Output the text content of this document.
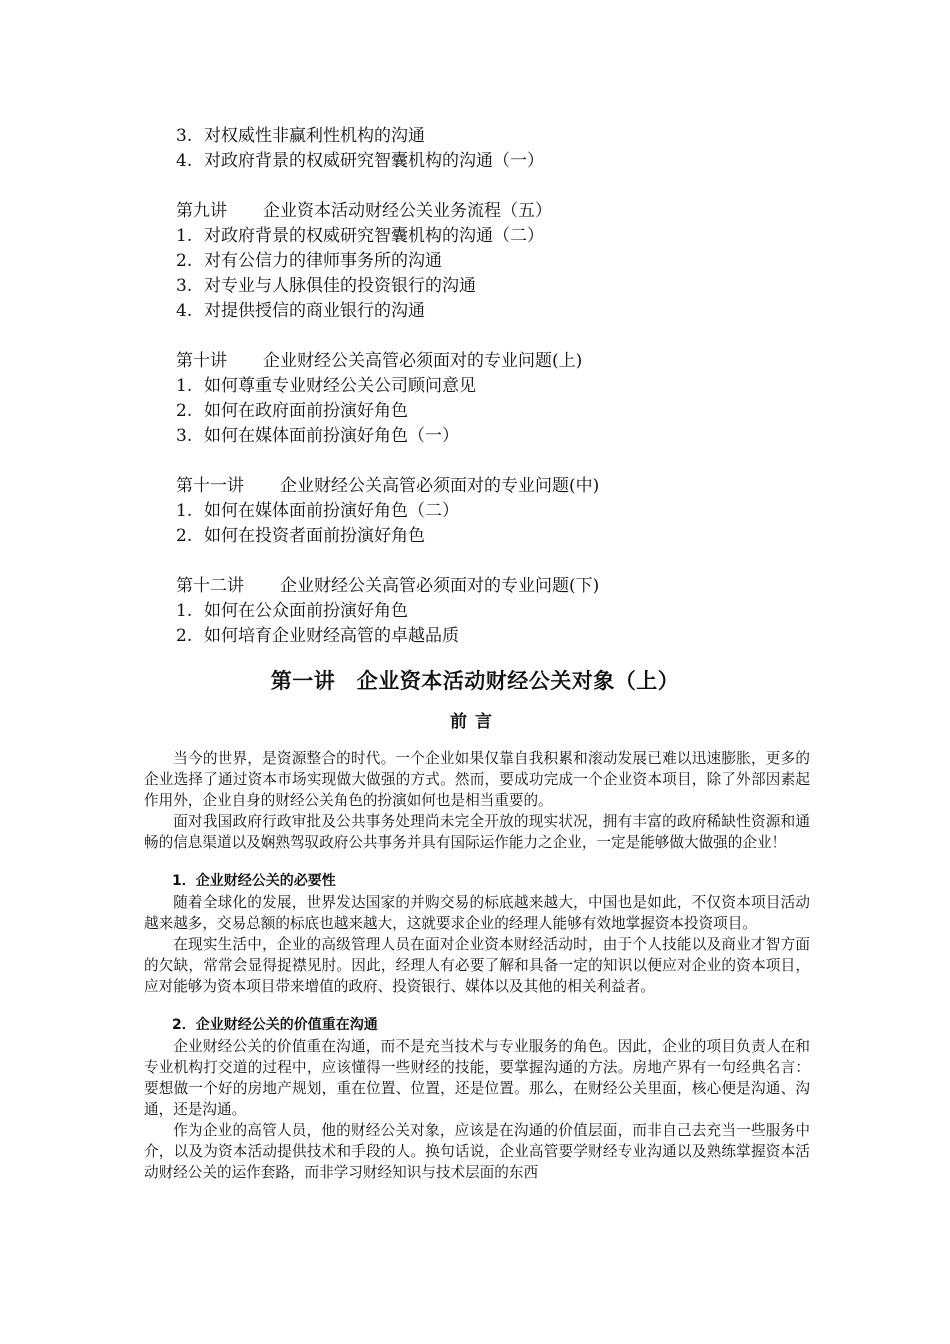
3. 对权威性非赢利性机构的沟通
4. 对政府背景的权威研究智囊机构的沟通（一）
第九讲 企业资本活动财经公关业务流程（五）
1. 对政府背景的权威研究智囊机构的沟通（二）
2. 对有公信力的律师事务所的沟通
3. 对专业与人脉俱佳的投资银行的沟通
4. 对提供授信的商业银行的沟通
第十讲 企业财经公关高管必须面对的专业问题(上)
1. 如何尊重专业财经公关公司顾问意见
2. 如何在政府面前扮演好角色
3. 如何在媒体面前扮演好角色（一）
第十一讲 企业财经公关高管必须面对的专业问题(中)
1. 如何在媒体面前扮演好角色（二）
2. 如何在投资者面前扮演好角色
第十二讲 企业财经公关高管必须面对的专业问题(下)
1. 如何在公众面前扮演好角色
2. 如何培育企业财经高管的卓越品质
第一讲　企业资本活动财经公关对象（上）
前言

当今的世界，是资源整合的时代。一个企业如果仅靠自我积累和滚动发展已难以迅速膨胀，更多的企业选择了通过资本市场实现做大做强的方式。然而，要成功完成一个企业资本项目，除了外部因素起作用外，企业自身的财经公关角色的扮演如何也是相当重要的。

面对我国政府行政审批及公共事务处理尚未完全开放的现实状况，拥有丰富的政府稀缺性资源和通畅的信息渠道以及娴熟驾驭政府公共事务并具有国际运作能力之企业，一定是能够做大做强的企业！

1．企业财经公关的必要性

随着全球化的发展，世界发达国家的并购交易的标底越来越大，中国也是如此，不仅资本项目活动越来越多，交易总额的标底也越来越大，这就要求企业的经理人能够有效地掌握资本投资项目。

在现实生活中，企业的高级管理人员在面对企业资本财经活动时，由于个人技能以及商业才智方面的欠缺，常常会显得捉襟见肘。因此，经理人有必要了解和具备一定的知识以便应对企业的资本项目，应对能够为资本项目带来增值的政府、投资银行、媒体以及其他的相关利益者。

2．企业财经公关的价值重在沟通

企业财经公关的价值重在沟通，而不是充当技术与专业服务的角色。因此，企业的项目负责人在和专业机构打交道的过程中，应该懂得一些财经的技能，要掌握沟通的方法。房地产界有一句经典名言：要想做一个好的房地产规划，重在位置、位置，还是位置。那么，在财经公关里面，核心便是沟通、沟通，还是沟通。

作为企业的高管人员，他的财经公关对象，应该是在沟通的价值层面，而非自己去充当一些服务中介，以及为资本活动提供技术和手段的人。换句话说，企业高管要学财经专业沟通以及熟练掌握资本活动财经公关的运作套路，而非学习财经知识与技术层面的东西
